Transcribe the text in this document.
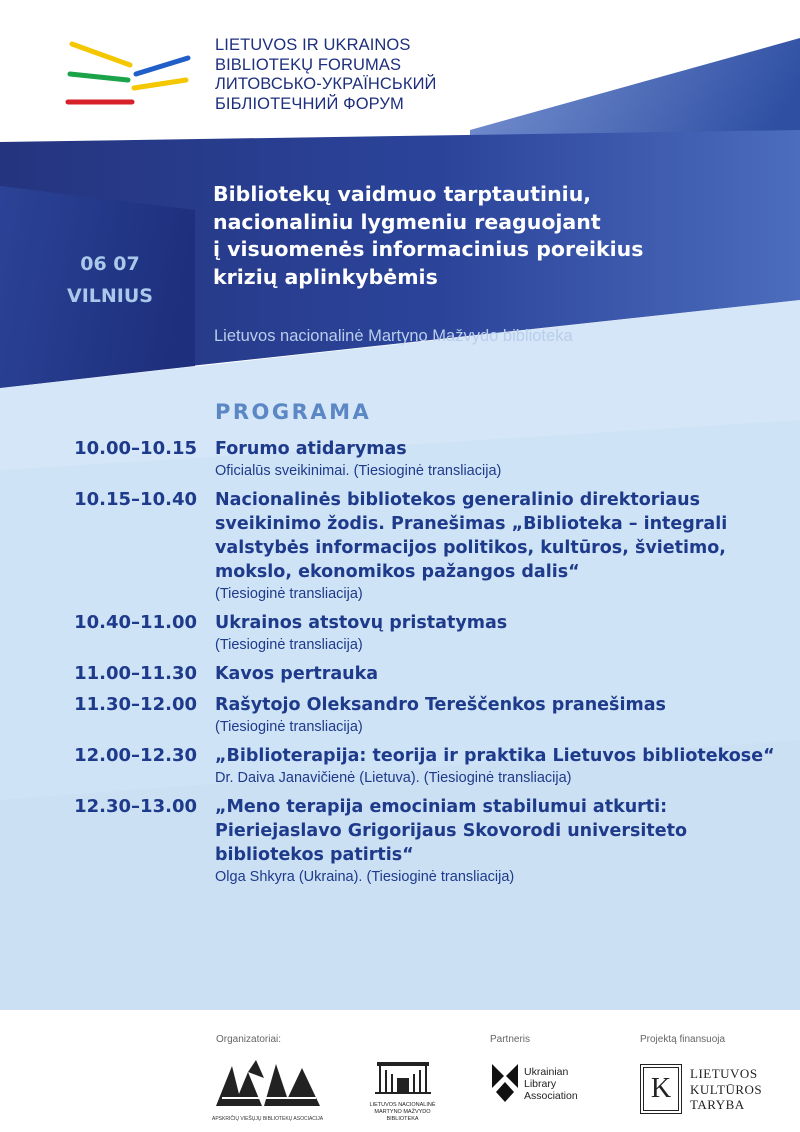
LIETUVOS IR UKRAINOS
BIBLIOTEKŲ FORUMAS
ЛИТОВСЬКО-УКРАЇНСЬКИЙ
БІБЛІОТЕЧНИЙ ФОРУМ
06 07
VILNIUS
Bibliotekų vaidmuo tarptautiniu,
nacionaliniu lygmeniu reaguojant
į visuomenės informacinius poreikius
krizių aplinkybėmis
Lietuvos nacionalinė Martyno Mažvydo biblioteka
PROGRAMA
10.00–10.15 Forumo atidarymas
Oficialūs sveikinimai. (Tiesioginė transliacija)
10.15–10.40 Nacionalinės bibliotekos generalinio direktoriaus
sveikinimo žodis. Pranešimas „Biblioteka – integrali
valstybės informacijos politikos, kultūros, švietimo,
mokslo, ekonomikos pažangos dalis“
(Tiesioginė transliacija)
10.40–11.00 Ukrainos atstovų pristatymas
(Tiesioginė transliacija)
11.00–11.30 Kavos pertrauka
11.30–12.00 Rašytojo Oleksandro Tereščenkos pranešimas
(Tiesioginė transliacija)
12.00–12.30 „Biblioterapija: teorija ir praktika Lietuvos bibliotekose“
Dr. Daiva Janavičienė (Lietuva). (Tiesioginė transliacija)
12.30–13.00 „Meno terapija emociniam stabilumui atkurti:
Pieriejaslavo Grigorijaus Skovorodi universiteto
bibliotekos patirtis“
Olga Shkyra (Ukraina). (Tiesioginė transliacija)
Organizatoriai:	Partneris	Projektą finansuoja
APSKRIČIŲ VIEŠŲJŲ BIBLIOTEKŲ ASOCIACIJA
LIETUVOS NACIONALINĖ
MARTYNO MAŽVYDO
BIBLIOTEKA
Ukrainian
Library
Association	K	LIETUVOS
KULTŪROS
TARYBA
